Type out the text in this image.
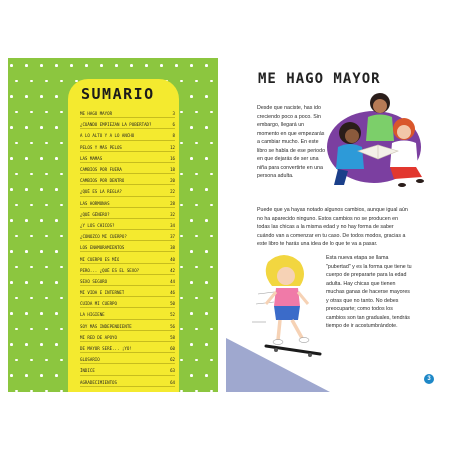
SUMARIO
ME HAGO MAYOR	3
¿CUÁNDO EMPIEZAN LA PUBERTAD?	6
A LO ALTO Y A LO ANCHO	8
PELOS Y MÁS PELOS	12
LAS MAMAS	16
CAMBIOS POR FUERA	18
CAMBIOS POR DENTRO	20
¿QUÉ ES LA REGLA?	22
LAS HORMONAS	28
¿QUÉ GÉNERO?	32
¿Y LOS CHICOS?	34
¿CONOZCO MI CUERPO?	37
LOS ENAMORAMIENTOS	38
MI CUERPO ES MÍO	40
PERO... ¿QUÉ ES EL SEXO?	42
SEXO SEGURO	44
MI VIDA E INTERNET	46
CUIDA MI CUERPO	50
LA HIGIENE	52
SOY MÁS INDEPENDIENTE	56
MI RED DE APOYO	58
DE MAYOR SERÉ... ¡YO!	60
GLOSARIO	62
ÍNDICE	63
AGRADECIMIENTOS	64
ME HAGO MAYOR

Desde que naciste, has ido creciendo poco a poco. Sin embargo, llegará un momento en que empezarás a cambiar mucho. En este libro se habla de ese periodo en que dejarás de ser una niña para convertirte en una persona adulta.

Puede que ya hayas notado algunos cambios, aunque igual aún no ha aparecido ninguno. Estos cambios no se producen en todas las chicas a la misma edad y no hay forma de saber cuándo van a comenzar en tu caso. De todos modos, gracias a este libro te harás una idea de lo que te va a pasar.

Esta nueva etapa se llama "pubertad" y es la forma que tiene tu cuerpo de prepararte para la edad adulta. Hay chicas que tienen muchas ganas de hacerse mayores y otras que no tanto. No debes preocuparte; como todos los cambios son tan graduales, tendrás tiempo de ir acostumbrándote.

3
